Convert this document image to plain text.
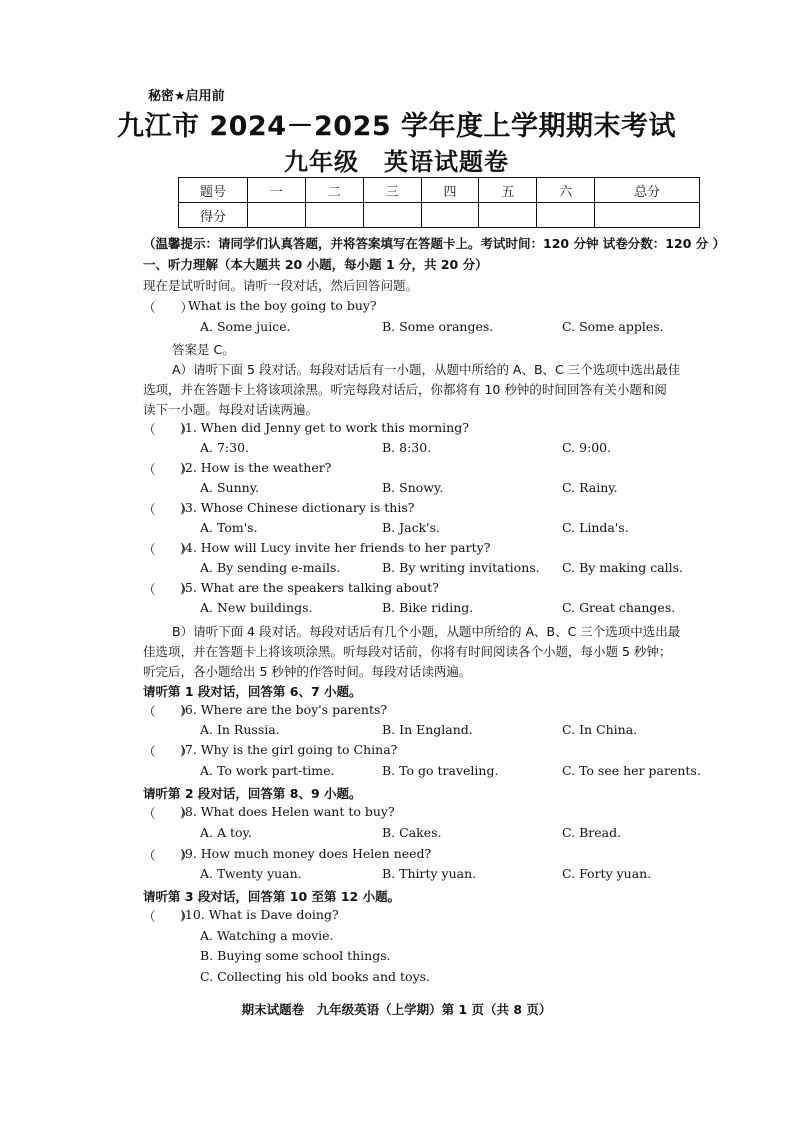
秘密★启用前
九江市 2024－2025 学年度上学期期末考试
九年级　英语试题卷
题号	一	二	三	四	五	六	总分
得分							
（温馨提示：请同学们认真答题，并将答案填写在答题卡上。考试时间：120 分钟 试卷分数：120 分 ）
一、听力理解（本大题共 20 小题，每小题 1 分，共 20 分）
现在是试听时间。请听一段对话，然后回答问题。
（　　）
What is the boy going to buy?
A. Some juice.	B. Some oranges.	C. Some apples.
答案是 C。
A）请听下面 5 段对话。每段对话后有一小题，从题中所给的 A、B、C 三个选项中选出最佳
选项，并在答题卡上将该项涂黑。听完每段对话后，你都将有 10 秒钟的时间回答有关小题和阅
读下一小题。每段对话读两遍。
（　　）
)1. When did Jenny get to work this morning?
A. 7:30.	B. 8:30.	C. 9:00.
（　　）
)2. How is the weather?
A. Sunny.	B. Snowy.	C. Rainy.
（　　）
)3. Whose Chinese dictionary is this?
A. Tom's.	B. Jack's.	C. Linda's.
（　　）
)4. How will Lucy invite her friends to her party?
A. By sending e-mails.	B. By writing invitations. C. By making calls.
（　　）
)5. What are the speakers talking about?
A. New buildings.	B. Bike riding.	C. Great changes.
B）请听下面 4 段对话。每段对话后有几个小题，从题中所给的 A、B、C 三个选项中选出最
佳选项，并在答题卡上将该项涂黑。听每段对话前，你将有时间阅读各个小题，每小题 5 秒钟；
听完后，各小题给出 5 秒钟的作答时间。每段对话读两遍。
请听第 1 段对话，回答第 6、7 小题。
（　　）
)6. Where are the boy's parents?
A. In Russia.	B. In England.	C. In China.
（　　）
)7. Why is the girl going to China?
A. To work part-time.	B. To go traveling.	C. To see her parents.
请听第 2 段对话，回答第 8、9 小题。
（　　）
)8. What does Helen want to buy?
A. A toy.	B. Cakes.	C. Bread.
（　　）
)9. How much money does Helen need?
A. Twenty yuan.	B. Thirty yuan.	C. Forty yuan.
请听第 3 段对话，回答第 10 至第 12 小题。
（　　）
)10. What is Dave doing?
A. Watching a movie.
B. Buying some school things.
C. Collecting his old books and toys.
期末试题卷　九年级英语（上学期）第 1 页（共 8 页）
